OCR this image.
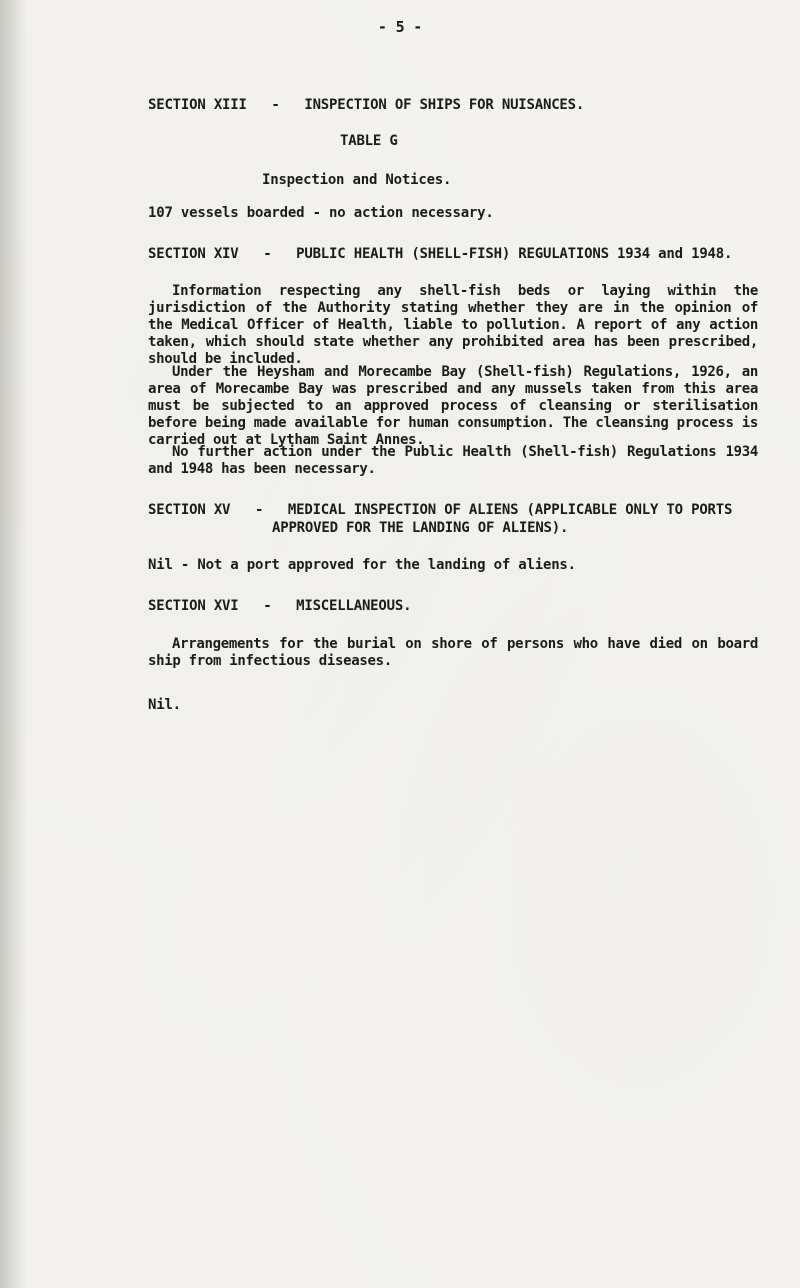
- 5 -

SECTION XIII   -   INSPECTION OF SHIPS FOR NUISANCES.

TABLE G

Inspection and Notices.

107 vessels boarded - no action necessary.

SECTION XIV   -   PUBLIC HEALTH (SHELL-FISH) REGULATIONS 1934 and 1948.

Information respecting any shell-fish beds or laying within the jurisdiction of the Authority stating whether they are in the opinion of the Medical Officer of Health, liable to pollution. A report of any action taken, which should state whether any prohibited area has been prescribed, should be included.

Under the Heysham and Morecambe Bay (Shell-fish) Regulations, 1926, an area of Morecambe Bay was prescribed and any mussels taken from this area must be subjected to an approved process of cleansing or sterilisation before being made available for human consumption. The cleansing process is carried out at Lytham Saint Annes.

No further action under the Public Health (Shell-fish) Regulations 1934 and 1948 has been necessary.

SECTION XV   -   MEDICAL INSPECTION OF ALIENS (APPLICABLE ONLY TO PORTS

APPROVED FOR THE LANDING OF ALIENS).

Nil - Not a port approved for the landing of aliens.

SECTION XVI   -   MISCELLANEOUS.

Arrangements for the burial on shore of persons who have died on board ship from infectious diseases.

Nil.
